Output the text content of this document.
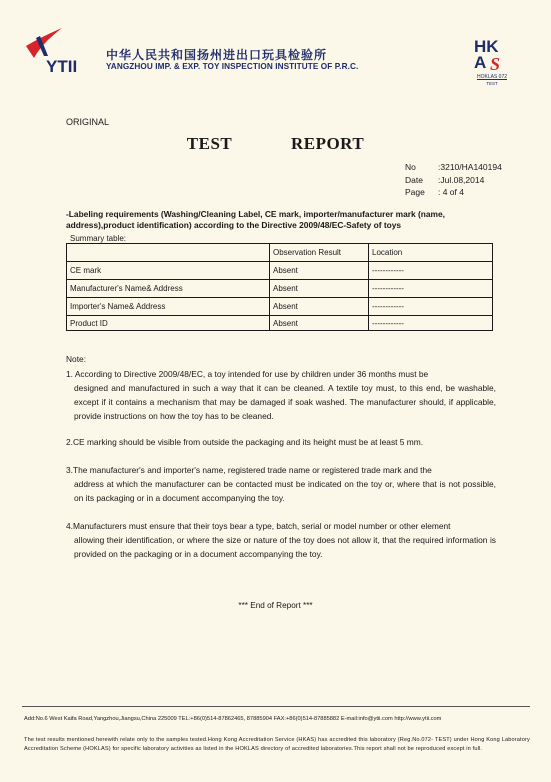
YTII
中华人民共和国扬州进出口玩具检验所
YANGZHOU IMP. & EXP. TOY INSPECTION INSTITUTE OF P.R.C.
HK
A S
HOKLAS 072
TEST
ORIGINAL
TEST    REPORT
No	:3210/HA140194
Date	:Jul.08,2014
Page	: 4 of 4
-Labeling requirements (Washing/Cleaning Label, CE mark, importer/manufacturer mark (name, address),product identification) according to the Directive 2009/48/EC-Safety of toys
Summary table:
	Observation Result	Location
CE mark	Absent	------------
Manufacturer's Name& Address	Absent	------------
Importer's Name& Address	Absent	------------
Product ID	Absent	------------
Note:
1. According to Directive 2009/48/EC, a toy intended for use by children under 36 months must be
designed and manufactured in such a way that it can be cleaned. A textile toy must, to this end, be washable, except if it contains a mechanism that may be damaged if soak washed. The manufacturer should, if applicable, provide instructions on how the toy has to be cleaned.
2.CE marking should be visible from outside the packaging and its height must be at least 5 mm.
3.The manufacturer's and importer's name, registered trade name or registered trade mark and the
address at which the manufacturer can be contacted must be indicated on the toy or, where that is not possible, on its packaging or in a document accompanying the toy.
4.Manufacturers must ensure that their toys bear a type, batch, serial or model number or other element
allowing their identification, or where the size or nature of the toy does not allow it, that the required information is provided on the packaging or in a document accompanying the toy.
*** End of Report ***
Add:No.6 West Kaifa Road,Yangzhou,Jiangsu,China 225009 TEL:+86(0)514-87862465, 87885904 FAX:+86(0)514-87885882 E-mail:info@ytii.com http://www.ytii.com
The test results mentioned herewith relate only to the samples tested.Hong Kong Accreditation Service (HKAS) has accredited this laboratory (Reg.No.072- TEST) under Hong Kong Laboratory Accreditation Scheme (HOKLAS) for specific laboratory activities as listed in the HOKLAS directory of accredited laboratories.This report shall not be reproduced except in full.
